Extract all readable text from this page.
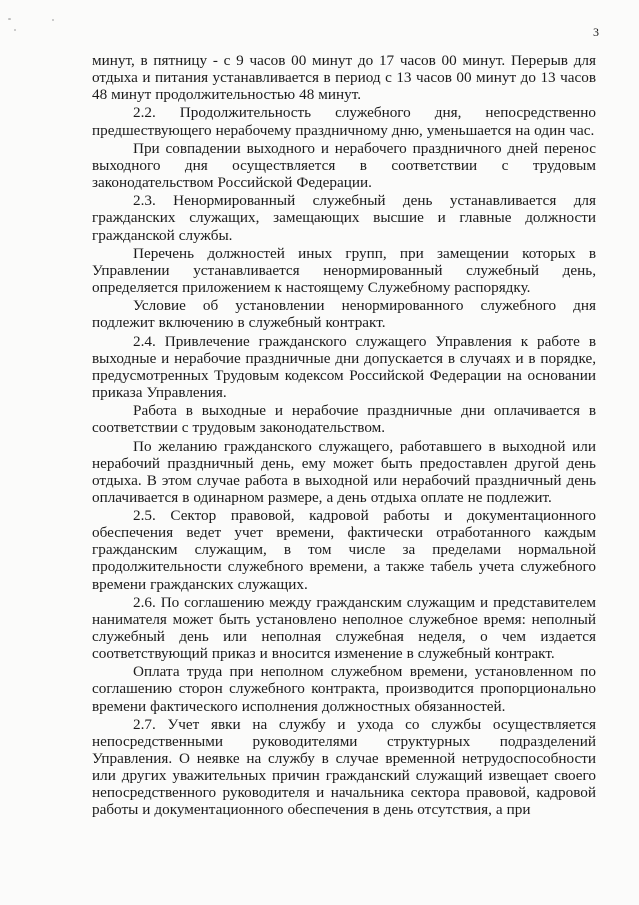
3

минут, в пятницу - с 9 часов 00 минут до 17 часов 00 минут. Перерыв для отдыха и питания устанавливается в период с 13 часов 00 минут до 13 часов 48 минут продолжительностью 48 минут.

2.2. Продолжительность служебного дня, непосредственно предшествующего нерабочему праздничному дню, уменьшается на один час.

При совпадении выходного и нерабочего праздничного дней перенос выходного дня осуществляется в соответствии с трудовым законодательством Российской Федерации.

2.3. Ненормированный служебный день устанавливается для гражданских служащих, замещающих высшие и главные должности гражданской службы.

Перечень должностей иных групп, при замещении которых в Управлении устанавливается ненормированный служебный день, определяется приложением к настоящему Служебному распорядку.

Условие об установлении ненормированного служебного дня подлежит включению в служебный контракт.

2.4. Привлечение гражданского служащего Управления к работе в выходные и нерабочие праздничные дни допускается в случаях и в порядке, предусмотренных Трудовым кодексом Российской Федерации на основании приказа Управления.

Работа в выходные и нерабочие праздничные дни оплачивается в соответствии с трудовым законодательством.

По желанию гражданского служащего, работавшего в выходной или нерабочий праздничный день, ему может быть предоставлен другой день отдыха. В этом случае работа в выходной или нерабочий праздничный день оплачивается в одинарном размере, а день отдыха оплате не подлежит.

2.5. Сектор правовой, кадровой работы и документационного обеспечения ведет учет времени, фактически отработанного каждым гражданским служащим, в том числе за пределами нормальной продолжительности служебного времени, а также табель учета служебного времени гражданских служащих.

2.6. По соглашению между гражданским служащим и представителем нанимателя может быть установлено неполное служебное время: неполный служебный день или неполная служебная неделя, о чем издается соответствующий приказ и вносится изменение в служебный контракт.

Оплата труда при неполном служебном времени, установленном по соглашению сторон служебного контракта, производится пропорционально времени фактического исполнения должностных обязанностей.

2.7. Учет явки на службу и ухода со службы осуществляется непосредственными руководителями структурных подразделений Управления. О неявке на службу в случае временной нетрудоспособности или других уважительных причин гражданский служащий извещает своего непосредственного руководителя и начальника сектора правовой, кадровой работы и документационного обеспечения в день отсутствия, а при
